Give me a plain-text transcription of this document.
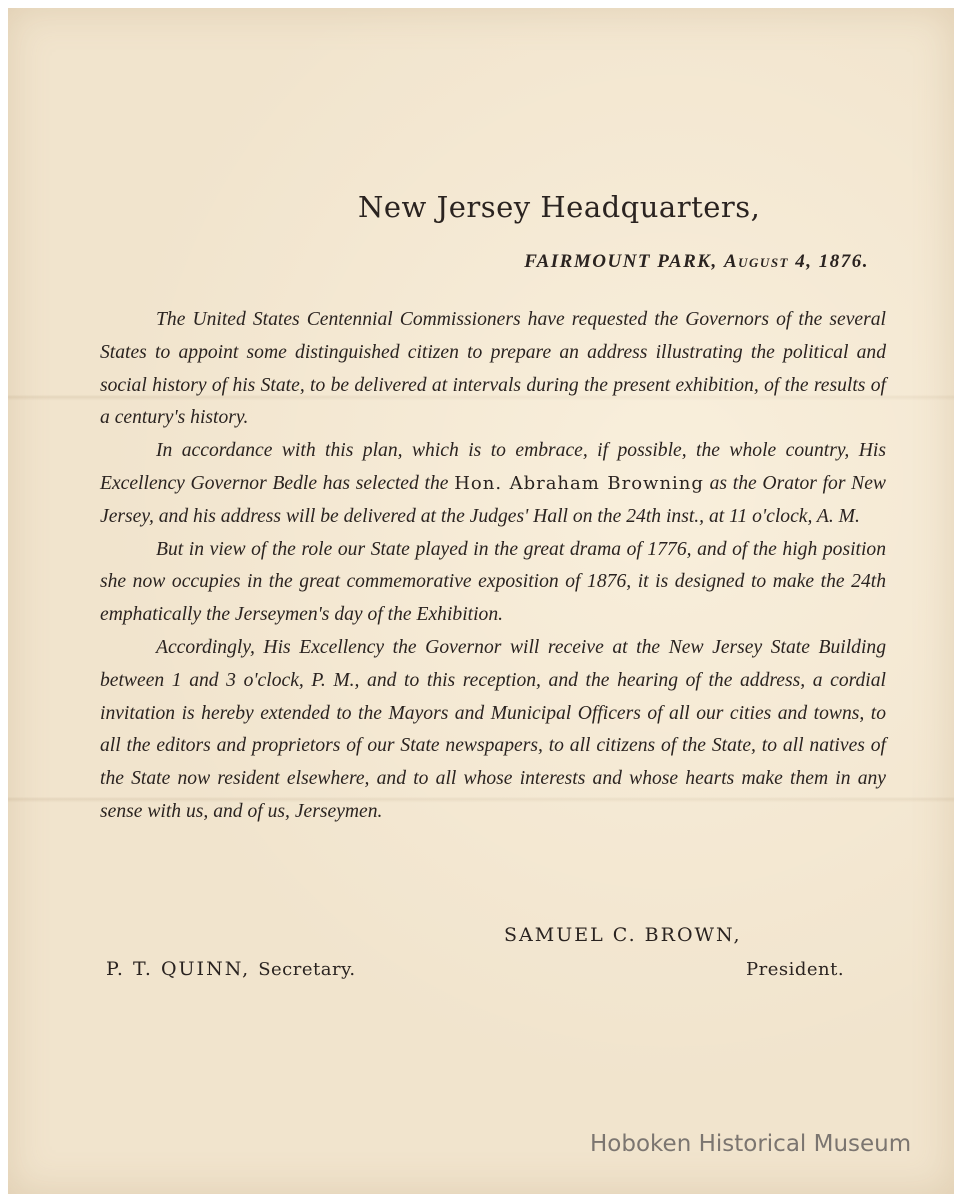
New Jersey Headquarters,
FAIRMOUNT PARK, August 4, 1876.

The United States Centennial Commissioners have requested the Governors of the several States to appoint some distinguished citizen to prepare an address illustrating the political and social history of his State, to be delivered at intervals during the present exhibition, of the results of a century's history.

In accordance with this plan, which is to embrace, if possible, the whole country, His Excellency Governor Bedle has selected the Hon. Abraham Browning as the Orator for New Jersey, and his address will be delivered at the Judges' Hall on the 24th inst., at 11 o'clock, A. M.

But in view of the role our State played in the great drama of 1776, and of the high position she now occupies in the great commemorative exposition of 1876, it is designed to make the 24th emphatically the Jerseymen's day of the Exhibition.

Accordingly, His Excellency the Governor will receive at the New Jersey State Building between 1 and 3 o'clock, P. M., and to this reception, and the hearing of the address, a cordial invitation is hereby extended to the Mayors and Municipal Officers of all our cities and towns, to all the editors and proprietors of our State newspapers, to all citizens of the State, to all natives of the State now resident elsewhere, and to all whose interests and whose hearts make them in any sense with us, and of us, Jerseymen.

SAMUEL C. BROWN,
P. T. QUINN, Secretary.	President.
Hoboken Historical Museum
